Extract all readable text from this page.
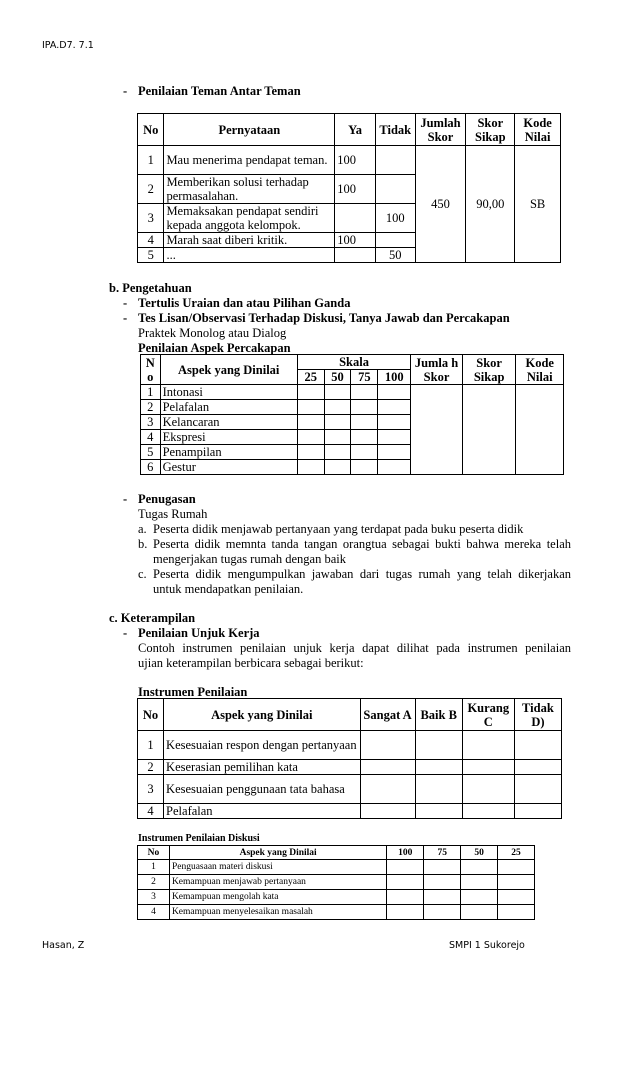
IPA.D7. 7.1
- Penilaian Teman Antar Teman
No	Pernyataan	Ya	Tidak	Jumlah Skor	Skor Sikap	Kode Nilai
1	Mau menerima pendapat teman.	100		450	90,00	SB
2	Memberikan solusi terhadap permasalahan.	100				
3	Memaksakan pendapat sendiri kepada anggota kelompok.		100			
4	Marah saat diberi kritik.	100				
5	...		50			
b. Pengetahuan
- Tertulis Uraian dan atau Pilihan Ganda
- Tes Lisan/Observasi Terhadap Diskusi, Tanya Jawab dan Percakapan
Praktek Monolog atau Dialog
Penilaian Aspek Percakapan
N o	Aspek yang Dinilai	Skala				Jumla h Skor	Skor Sikap	Kode Nilai
		25	50	75	100			
1	Intonasi							
2	Pelafalan							
3	Kelancaran							
4	Ekspresi							
5	Penampilan							
6	Gestur							
- Penugasan
Tugas Rumah
a. Peserta didik menjawab pertanyaan yang terdapat pada buku peserta didik
b. Peserta didik memnta tanda tangan orangtua sebagai bukti bahwa mereka telah
mengerjakan tugas rumah dengan baik
c. Peserta didik mengumpulkan jawaban dari tugas rumah yang telah dikerjakan
untuk mendapatkan penilaian.
c. Keterampilan
- Penilaian Unjuk Kerja
Contoh instrumen penilaian unjuk kerja dapat dilihat pada instrumen penilaian
ujian keterampilan berbicara sebagai berikut:
Instrumen Penilaian
No	Aspek yang Dinilai	Sangat A	Baik B	Kurang C	Tidak D)
1	Kesesuaian respon dengan pertanyaan				
2	Keserasian pemilihan kata				
3	Kesesuaian penggunaan tata bahasa				
4	Pelafalan				
Instrumen Penilaian Diskusi
No	Aspek yang Dinilai	100	75	50	25
1	Penguasaan materi diskusi				
2	Kemampuan menjawab pertanyaan				
3	Kemampuan mengolah kata				
4	Kemampuan menyelesaikan masalah				
Hasan, Z	SMPI 1 Sukorejo
